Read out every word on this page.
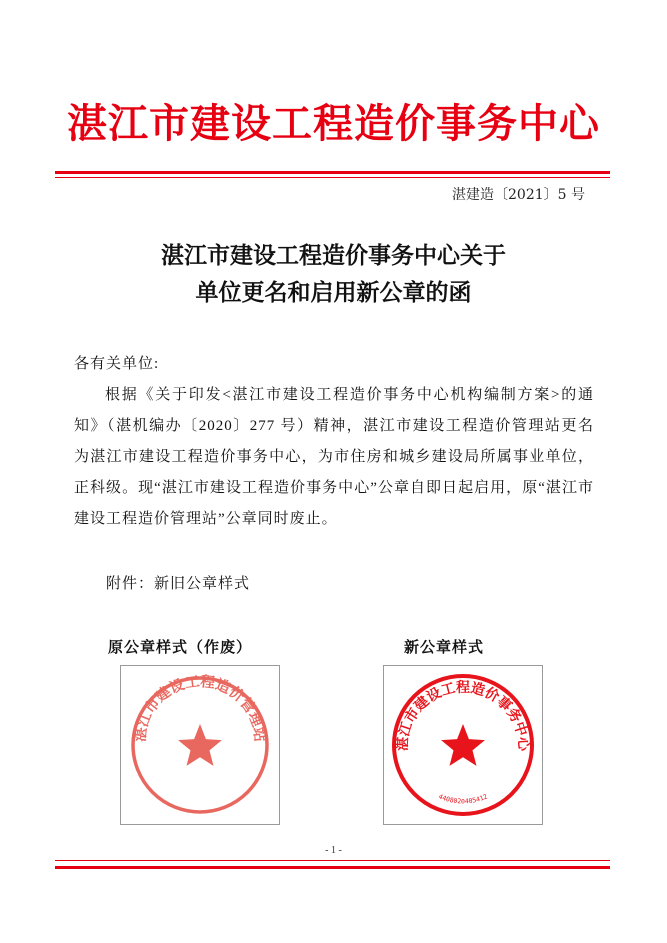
湛江市建设工程造价事务中心
湛建造〔2021〕5 号
湛江市建设工程造价事务中心关于
单位更名和启用新公章的函
各有关单位:
根据《关于印发<湛江市建设工程造价事务中心机构编制方案>的通知》（湛机编办〔2020〕277 号）精神，湛江市建设工程造价管理站更名为湛江市建设工程造价事务中心，为市住房和城乡建设局所属事业单位，正科级。现“湛江市建设工程造价事务中心”公章自即日起启用，原“湛江市建设工程造价管理站”公章同时废止。
附件：新旧公章样式
原公章样式（作废）	新公章样式
湛江市建设工程造价管理站
湛江市建设工程造价事务中心
4408020405412
- 1 -
